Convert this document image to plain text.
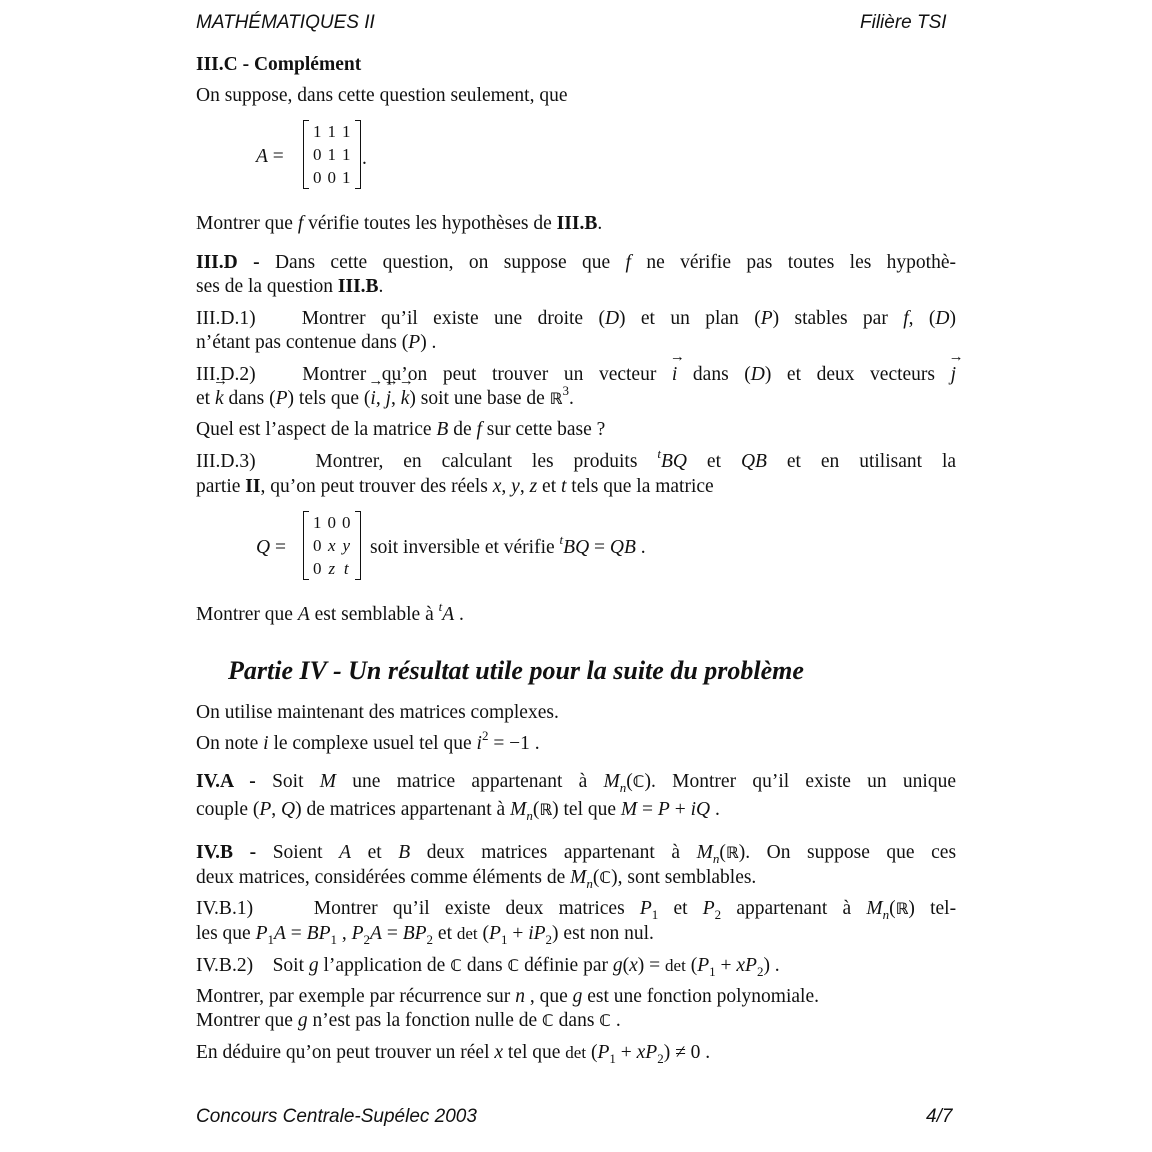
MATHÉMATIQUES II	Filière TSI
III.C - Complément
On suppose, dans cette question seulement, que
A =
1	1	1
0	1	1
0	0	1
.
Montrer que f vérifie toutes les hypothèses de III.B.
III.D - Dans cette question, on suppose que f ne vérifie pas toutes les hypothè-
ses de la question III.B.
III.D.1) Montrer qu’il existe une droite (D) et un plan (P) stables par f, (D)
n’étant pas contenue dans (P) .
III.D.2) Montrer qu’on peut trouver un vecteur → i dans (D) et deux vecteurs → j
et → k dans (P) tels que (→ i, → j, → k) soit une base de ℝ$^3$.
Quel est l’aspect de la matrice B de f sur cette base ?
III.D.3)	Montrer, en calculant les produits $^t$BQ et QB et en utilisant la
partie II, qu’on peut trouver des réels x, y, z et t tels que la matrice
Q =
1	0	0
0	x	y
0	z	t
soit inversible et vérifie $^t$BQ = QB .
Montrer que A est semblable à $^t$A .
Partie IV - Un résultat utile pour la suite du problème
On utilise maintenant des matrices complexes.
On note i le complexe usuel tel que $i^2 = -1$ .
IV.A - Soit M une matrice appartenant à $M_n(ℂ)$. Montrer qu’il existe un unique
couple (P, Q) de matrices appartenant à $M_n(ℝ)$ tel que M = P + iQ .
IV.B - Soient A et B deux matrices appartenant à $M_n(ℝ)$. On suppose que ces
deux matrices, considérées comme éléments de $M_n(ℂ)$, sont semblables.
IV.B.1)	Montrer qu’il existe deux matrices $P_1$ et $P_2$ appartenant à $M_n(ℝ)$ tel-
les que $P_1A = BP_1$ , $P_2A = BP_2$ et $\det (P_1 + iP_2)$ est non nul.
IV.B.2) Soit g l’application de ℂ dans ℂ définie par $g(x) = \det (P_1 + xP_2)$ .
Montrer, par exemple par récurrence sur n , que g est une fonction polynomiale.
Montrer que g n’est pas la fonction nulle de ℂ dans ℂ .
En déduire qu’on peut trouver un réel x tel que $\det (P_1 + xP_2) \ne 0$ .
Concours Centrale-Supélec 2003	4/7
